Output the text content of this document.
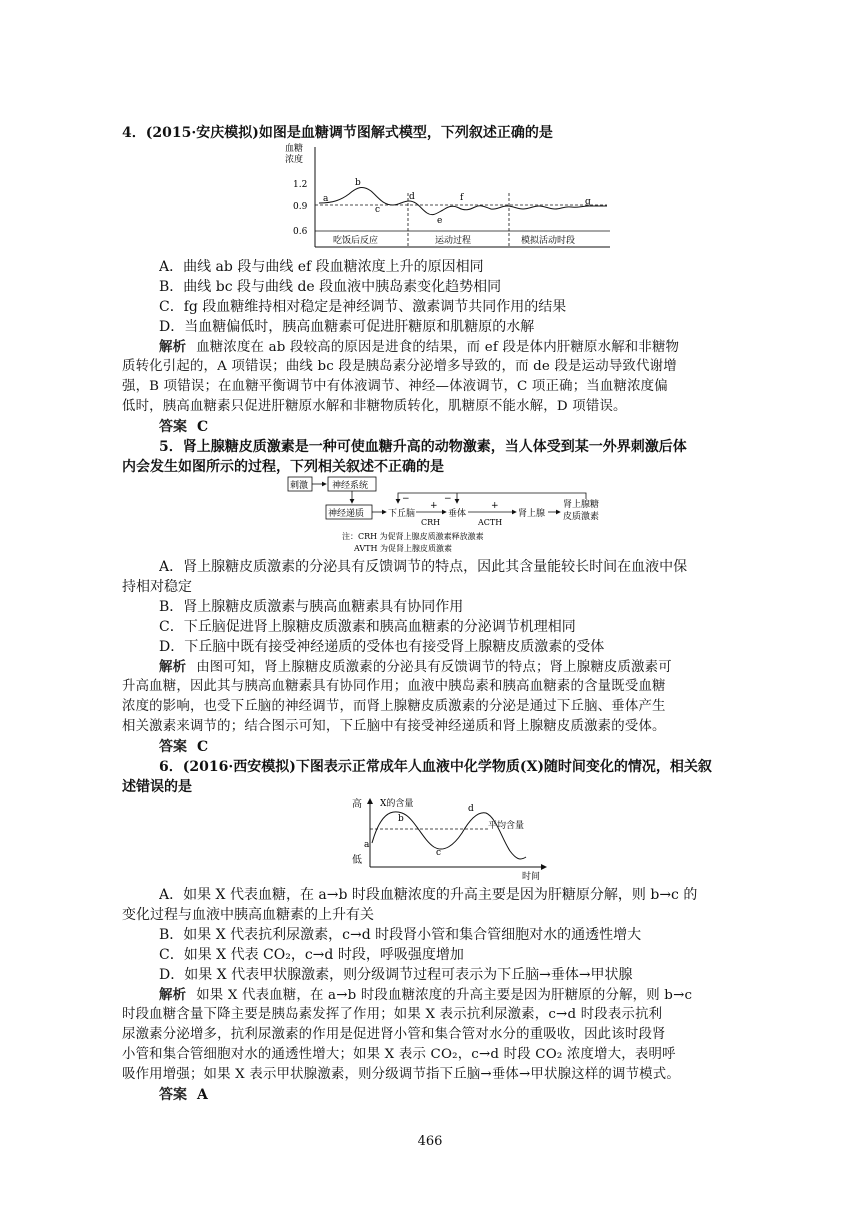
4．(2015·安庆模拟)如图是血糖调节图解式模型，下列叙述正确的是
血糖
浓度
1.2
0.9
0.6
a
b
c
d
e
f	g
吃饭后反应	运动过程	模拟活动时段
A．曲线 ab 段与曲线 ef 段血糖浓度上升的原因相同
B．曲线 bc 段与曲线 de 段血液中胰岛素变化趋势相同
C．fg 段血糖维持相对稳定是神经调节、激素调节共同作用的结果
D．当血糖偏低时，胰高血糖素可促进肝糖原和肌糖原的水解
解析 血糖浓度在 ab 段较高的原因是进食的结果，而 ef 段是体内肝糖原水解和非糖物
质转化引起的，A 项错误；曲线 bc 段是胰岛素分泌增多导致的，而 de 段是运动导致代谢增
强，B 项错误；在血糖平衡调节中有体液调节、神经—体液调节，C 项正确；当血糖浓度偏
低时，胰高血糖素只促进肝糖原水解和非糖物质转化，肌糖原不能水解，D 项错误。
答案 C
5．肾上腺糖皮质激素是一种可使血糖升高的动物激素，当人体受到某一外界刺激后体
内会发生如图所示的过程，下列相关叙述不正确的是
刺激	神经系统
神经递质	下丘脑
+
CRH
垂体
+
ACTH
肾上腺
肾上腺糖
皮质激素
−	−
注：CRH 为促肾上腺皮质激素释放激素
AVTH 为促肾上腺皮质激素
A．肾上腺糖皮质激素的分泌具有反馈调节的特点，因此其含量能较长时间在血液中保
持相对稳定
B．肾上腺糖皮质激素与胰高血糖素具有协同作用
C．下丘脑促进肾上腺糖皮质激素和胰高血糖素的分泌调节机理相同
D．下丘脑中既有接受神经递质的受体也有接受肾上腺糖皮质激素的受体
解析 由图可知，肾上腺糖皮质激素的分泌具有反馈调节的特点；肾上腺糖皮质激素可
升高血糖，因此其与胰高血糖素具有协同作用；血液中胰岛素和胰高血糖素的含量既受血糖
浓度的影响，也受下丘脑的神经调节，而肾上腺糖皮质激素的分泌是通过下丘脑、垂体产生
相关激素来调节的；结合图示可知，下丘脑中有接受神经递质和肾上腺糖皮质激素的受体。
答案 C
6．(2016·西安模拟)下图表示正常成年人血液中化学物质(X)随时间变化的情况，相关叙
述错误的是
高
低
X的含量
平均含量
a
b
c
d
时间
A．如果 X 代表血糖，在 a→b 时段血糖浓度的升高主要是因为肝糖原分解，则 b→c 的
变化过程与血液中胰高血糖素的上升有关
B．如果 X 代表抗利尿激素，c→d 时段肾小管和集合管细胞对水的通透性增大
C．如果 X 代表 CO₂，c→d 时段，呼吸强度增加
D．如果 X 代表甲状腺激素，则分级调节过程可表示为下丘脑→垂体→甲状腺
解析 如果 X 代表血糖，在 a→b 时段血糖浓度的升高主要是因为肝糖原的分解，则 b→c
时段血糖含量下降主要是胰岛素发挥了作用；如果 X 表示抗利尿激素，c→d 时段表示抗利
尿激素分泌增多，抗利尿激素的作用是促进肾小管和集合管对水分的重吸收，因此该时段肾
小管和集合管细胞对水的通透性增大；如果 X 表示 CO₂，c→d 时段 CO₂ 浓度增大，表明呼
吸作用增强；如果 X 表示甲状腺激素，则分级调节指下丘脑→垂体→甲状腺这样的调节模式。
答案 A
466
